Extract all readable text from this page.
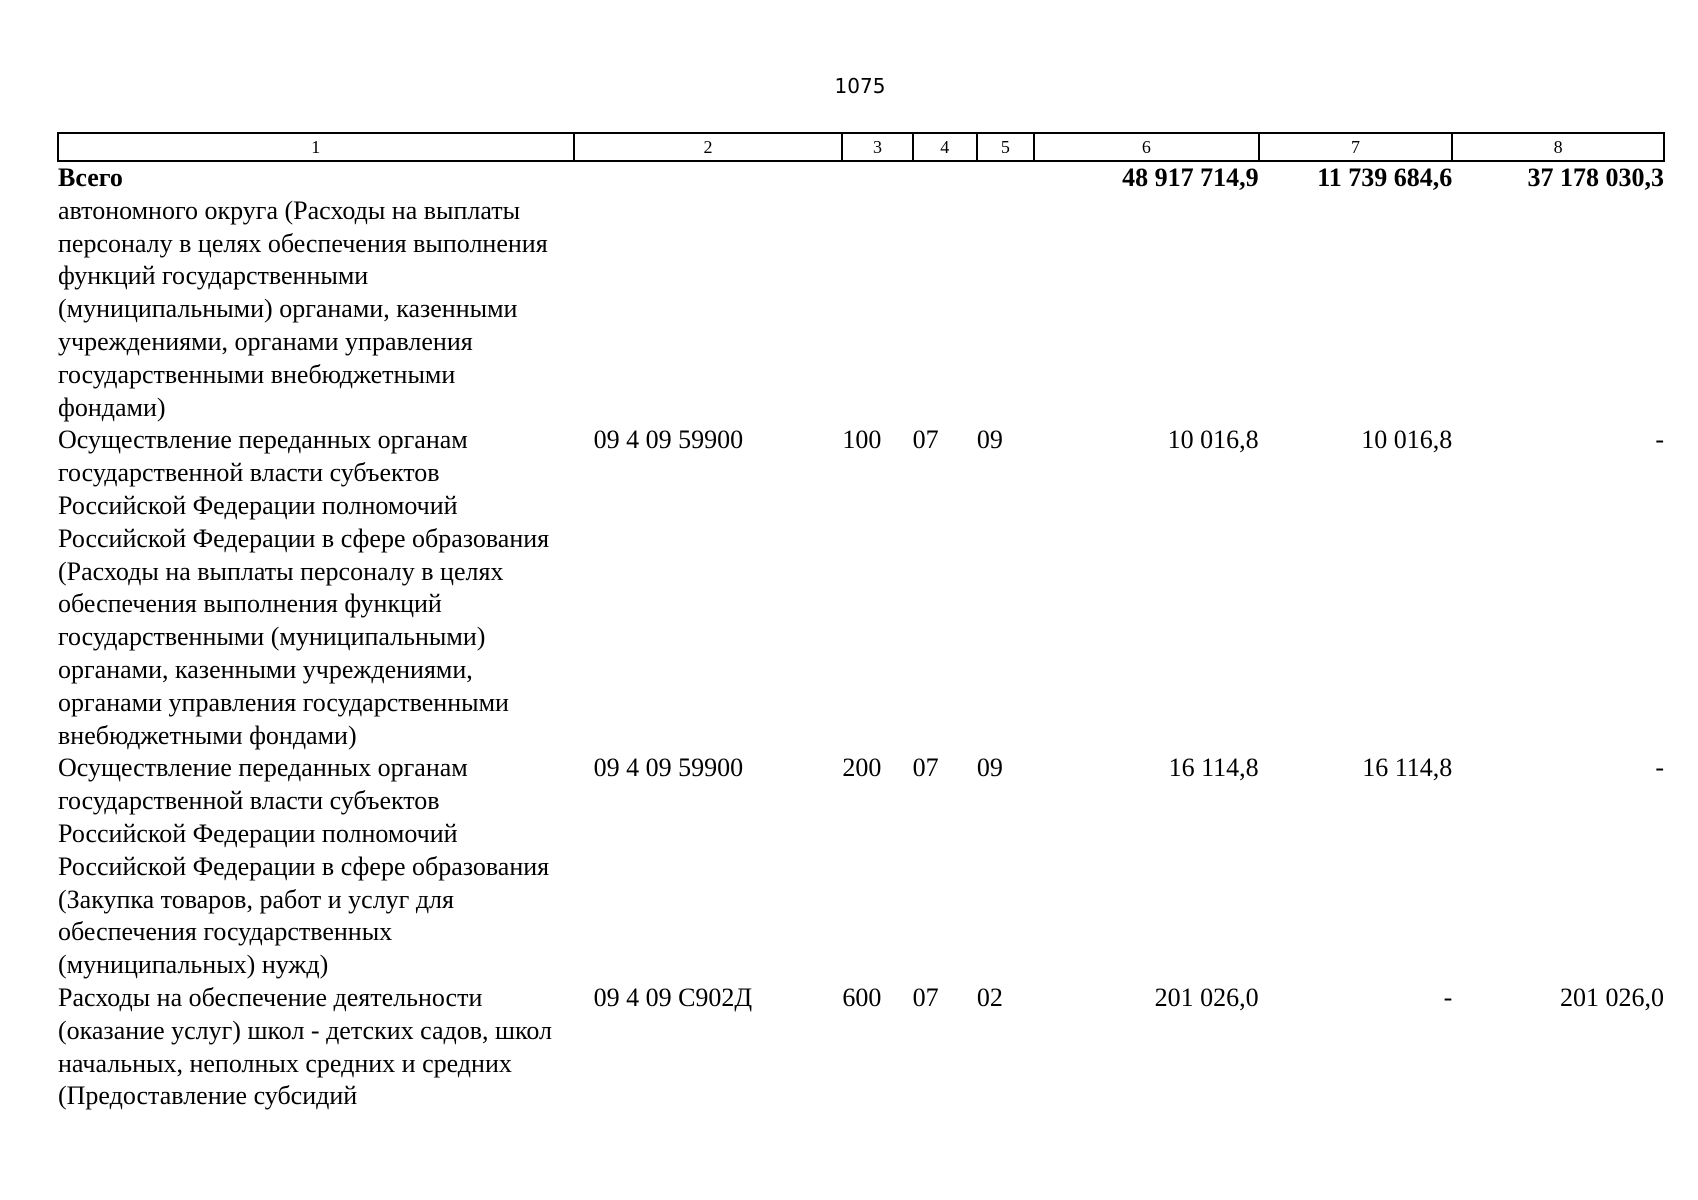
1075
1	2	3	4	5	6	7	8
Всего					48 917 714,9	11 739 684,6	37 178 030,3
автономного округа (Расходы на выплаты персоналу в целях обеспечения выполнения функций государственными (муниципальными) органами, казенными учреждениями, органами управления государственными внебюджетными фондами)							
Осуществление переданных органам государственной власти субъектов Российской Федерации полномочий Российской Федерации в сфере образования (Расходы на выплаты персоналу в целях обеспечения выполнения функций государственными (муниципальными) органами, казенными учреждениями, органами управления государственными внебюджетными фондами)	09 4 09 59900	100	07	09	10 016,8	10 016,8	-
Осуществление переданных органам государственной власти субъектов Российской Федерации полномочий Российской Федерации в сфере образования (Закупка товаров, работ и услуг для обеспечения государственных (муниципальных) нужд)	09 4 09 59900	200	07	09	16 114,8	16 114,8	-
Расходы на обеспечение деятельности (оказание услуг) школ - детских садов, школ начальных, неполных средних и средних (Предоставление субсидий	09 4 09 С902Д	600	07	02	201 026,0	-	201 026,0
